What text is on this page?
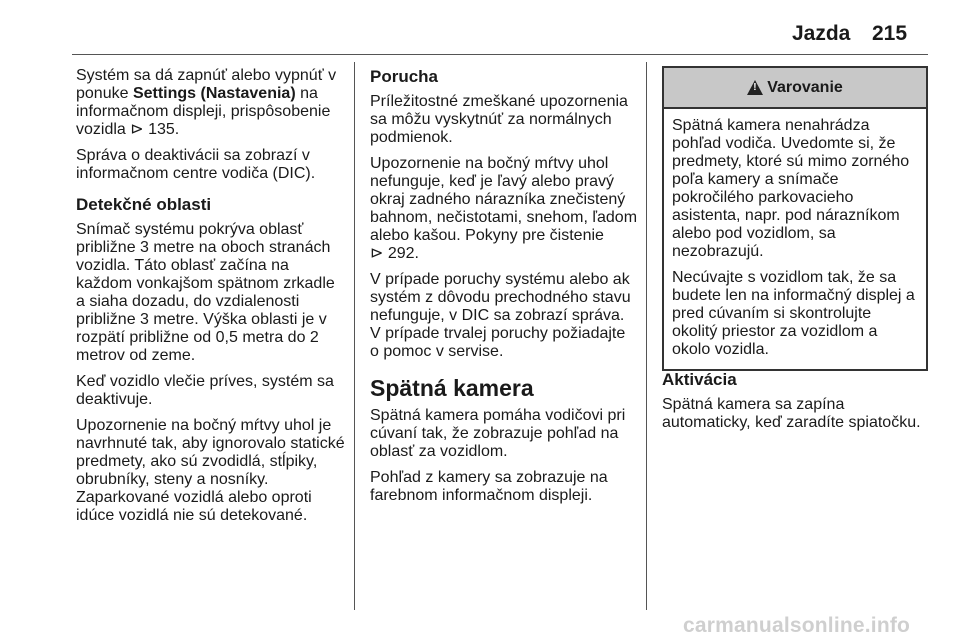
Jazda 215

Systém sa dá zapnúť alebo vypnúť v ponuke Settings (Nastavenia) na informačnom displeji, prispôsobenie vozidla ⊳ 135.

Správa o deaktivácii sa zobrazí v informačnom centre vodiča (DIC).

Detekčné oblasti

Snímač systému pokrýva oblasť približne 3 metre na oboch stranách vozidla. Táto oblasť začína na každom vonkajšom spätnom zrkadle a siaha dozadu, do vzdialenosti približne 3 metre. Výška oblasti je v rozpätí približne od 0,5 metra do 2 metrov od zeme.

Keď vozidlo vlečie príves, systém sa deaktivuje.

Upozornenie na bočný mŕtvy uhol je navrhnuté tak, aby ignorovalo statické predmety, ako sú zvodidlá, stĺpiky, obrubníky, steny a nosníky. Zaparkované vozidlá alebo oproti idúce vozidlá nie sú detekované.

Porucha

Príležitostné zmeškané upozornenia sa môžu vyskytnúť za normálnych podmienok.

Upozornenie na bočný mŕtvy uhol nefunguje, keď je ľavý alebo pravý okraj zadného nárazníka znečistený bahnom, nečistotami, snehom, ľadom alebo kašou. Pokyny pre čistenie
⊳ 292.

V prípade poruchy systému alebo ak systém z dôvodu prechodného stavu nefunguje, v DIC sa zobrazí správa. V prípade trvalej poruchy požiadajte o pomoc v servise.

Spätná kamera

Spätná kamera pomáha vodičovi pri cúvaní tak, že zobrazuje pohľad na oblasť za vozidlom.

Pohľad z kamery sa zobrazuje na farebnom informačnom displeji.

!
Varovanie

Spätná kamera nenahrádza pohľad vodiča. Uvedomte si, že predmety, ktoré sú mimo zorného poľa kamery a snímače pokročilého parkovacieho asistenta, napr. pod nárazníkom alebo pod vozidlom, sa nezobrazujú.

Necúvajte s vozidlom tak, že sa budete len na informačný displej a pred cúvaním si skontrolujte okolitý priestor za vozidlom a okolo vozidla.

Aktivácia

Spätná kamera sa zapína automaticky, keď zaradíte spiatočku.

carmanualsonline.info
